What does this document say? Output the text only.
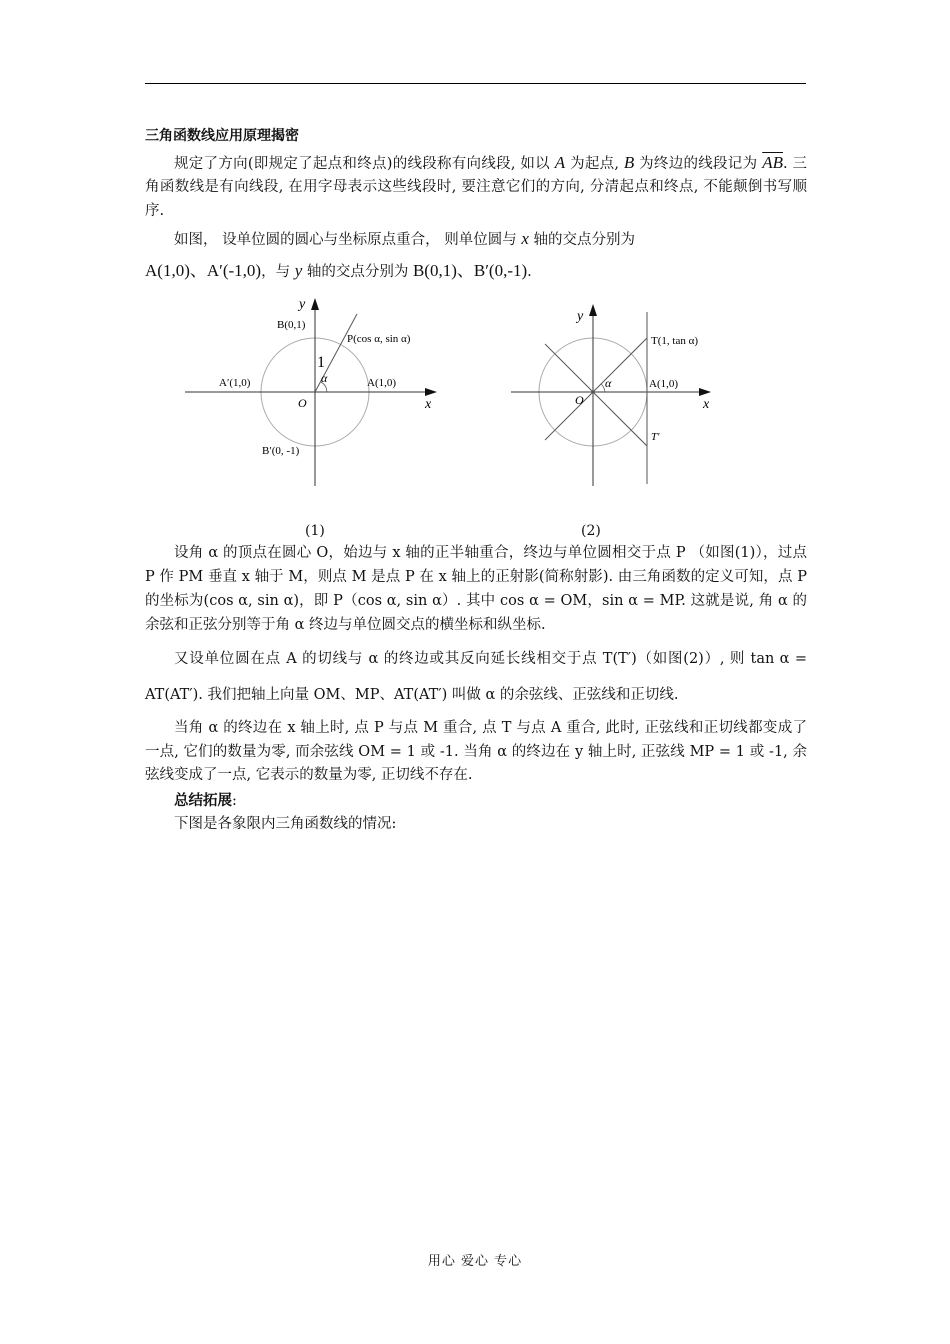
三角函数线应用原理揭密

规定了方向(即规定了起点和终点)的线段称有向线段, 如以 A 为起点, B 为终边的线段记为 $\overline{AB}$. 三角函数线是有向线段, 在用字母表示这些线段时, 要注意它们的方向, 分清起点和终点, 不能颠倒书写顺序.

如图， 设单位圆的圆心与坐标原点重合， 则单位圆与 x 轴的交点分别为

A(1,0)、A′(-1,0)，与 y 轴的交点分别为 B(0,1)、B′(0,-1).

y
x
O
B(0,1)
B′(0, -1)
A(1,0)
A′(1,0)
P(cos α, sin α)
α
1
(1)
y
x
O
T(1, tan α)
T′
A(1,0)
α
(2)

设角 α 的顶点在圆心 O，始边与 x 轴的正半轴重合，终边与单位圆相交于点 P （如图(1)），过点 P 作 PM 垂直 x 轴于 M，则点 M 是点 P 在 x 轴上的正射影(简称射影). 由三角函数的定义可知，点 P 的坐标为(cos α, sin α)，即 P（cos α, sin α）. 其中 cos α = OM，sin α = MP. 这就是说, 角 α 的余弦和正弦分别等于角 α 终边与单位圆交点的横坐标和纵坐标.

又设单位圆在点 A 的切线与 α 的终边或其反向延长线相交于点 T(T′)（如图(2)）, 则 tan α = AT(AT′). 我们把轴上向量 OM、MP、AT(AT′) 叫做 α 的余弦线、正弦线和正切线.

当角 α 的终边在 x 轴上时, 点 P 与点 M 重合, 点 T 与点 A 重合, 此时, 正弦线和正切线都变成了一点, 它们的数量为零, 而余弦线 OM = 1 或 -1. 当角 α 的终边在 y 轴上时, 正弦线 MP = 1 或 -1, 余弦线变成了一点, 它表示的数量为零, 正切线不存在.

总结拓展:

下图是各象限内三角函数线的情况:

用心 爱心 专心
